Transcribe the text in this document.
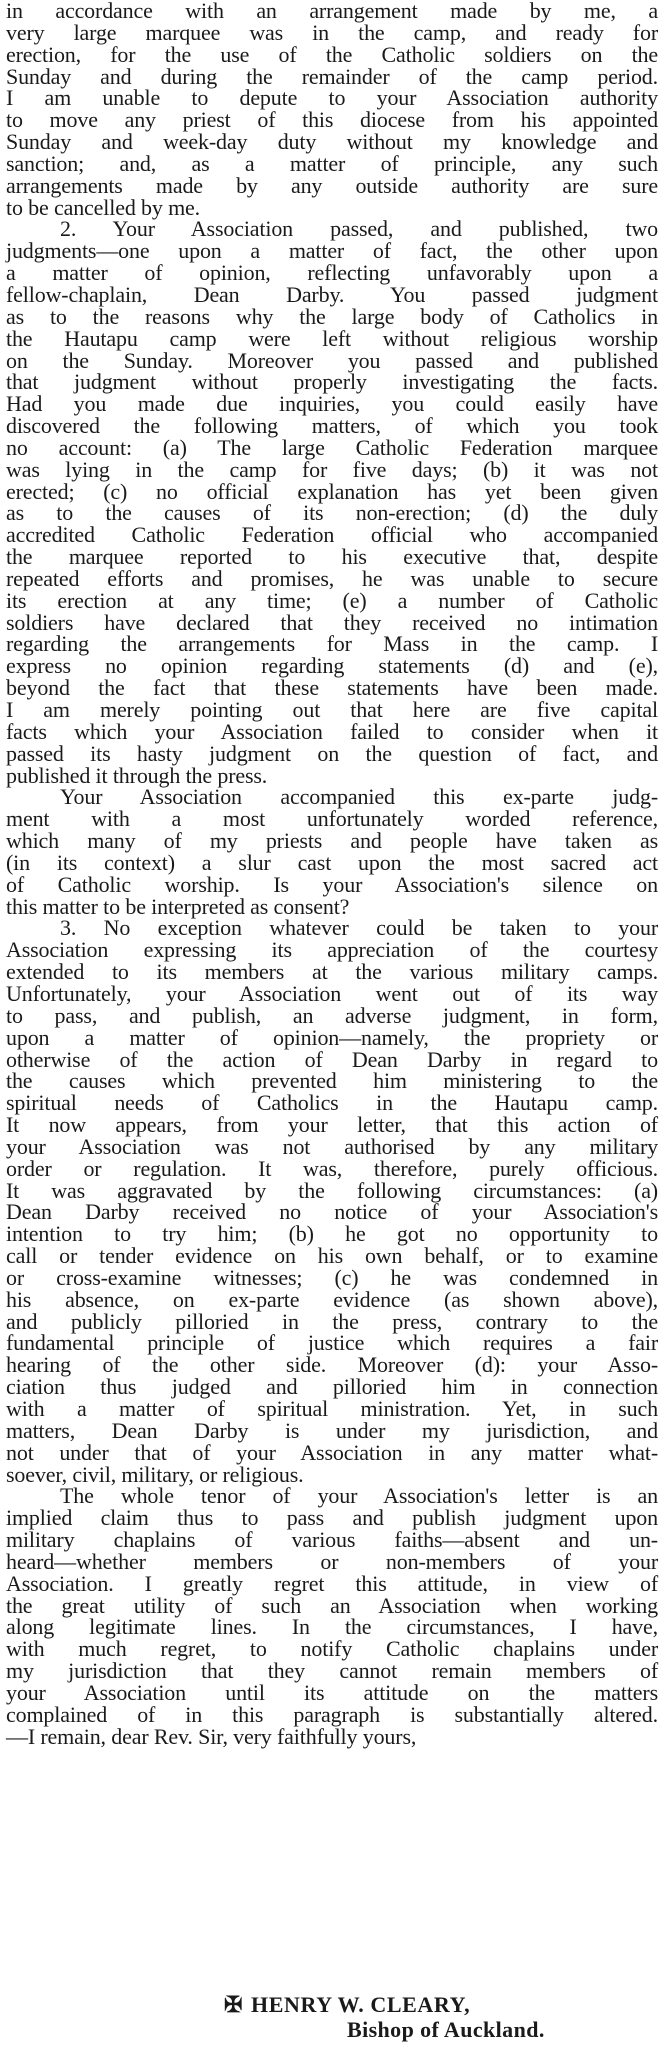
in accordance with an arrangement made by me, a
very large marquee was in the camp, and ready for
erection, for the use of the Catholic soldiers on the
Sunday and during the remainder of the camp period.
I am unable to depute to your Association authority
to move any priest of this diocese from his appointed
Sunday and week-day duty without my knowledge and
sanction; and, as a matter of principle, any such
arrangements made by any outside authority are sure
to be cancelled by me.
2. Your Association passed, and published, two
judgments—one upon a matter of fact, the other upon
a matter of opinion, reflecting unfavorably upon a
fellow-chaplain, Dean Darby. You passed judgment
as to the reasons why the large body of Catholics in
the Hautapu camp were left without religious worship
on the Sunday. Moreover you passed and published
that judgment without properly investigating the facts.
Had you made due inquiries, you could easily have
discovered the following matters, of which you took
no account: (a) The large Catholic Federation marquee
was lying in the camp for five days; (b) it was not
erected; (c) no official explanation has yet been given
as to the causes of its non-erection; (d) the duly
accredited Catholic Federation official who accompanied
the marquee reported to his executive that, despite
repeated efforts and promises, he was unable to secure
its erection at any time; (e) a number of Catholic
soldiers have declared that they received no intimation
regarding the arrangements for Mass in the camp. I
express no opinion regarding statements (d) and (e),
beyond the fact that these statements have been made.
I am merely pointing out that here are five capital
facts which your Association failed to consider when it
passed its hasty judgment on the question of fact, and
published it through the press.
Your Association accompanied this ex-parte judg-
ment with a most unfortunately worded reference,
which many of my priests and people have taken as
(in its context) a slur cast upon the most sacred act
of Catholic worship. Is your Association's silence on
this matter to be interpreted as consent?
3. No exception whatever could be taken to your
Association expressing its appreciation of the courtesy
extended to its members at the various military camps.
Unfortunately, your Association went out of its way
to pass, and publish, an adverse judgment, in form,
upon a matter of opinion—namely, the propriety or
otherwise of the action of Dean Darby in regard to
the causes which prevented him ministering to the
spiritual needs of Catholics in the Hautapu camp.
It now appears, from your letter, that this action of
your Association was not authorised by any military
order or regulation. It was, therefore, purely officious.
It was aggravated by the following circumstances: (a)
Dean Darby received no notice of your Association's
intention to try him; (b) he got no opportunity to
call or tender evidence on his own behalf, or to examine
or cross-examine witnesses; (c) he was condemned in
his absence, on ex-parte evidence (as shown above),
and publicly pilloried in the press, contrary to the
fundamental principle of justice which requires a fair
hearing of the other side. Moreover (d): your Asso-
ciation thus judged and pilloried him in connection
with a matter of spiritual ministration. Yet, in such
matters, Dean Darby is under my jurisdiction, and
not under that of your Association in any matter what-
soever, civil, military, or religious.
The whole tenor of your Association's letter is an
implied claim thus to pass and publish judgment upon
military chaplains of various faiths—absent and un-
heard—whether members or non-members of your
Association. I greatly regret this attitude, in view of
the great utility of such an Association when working
along legitimate lines. In the circumstances, I have,
with much regret, to notify Catholic chaplains under
my jurisdiction that they cannot remain members of
your Association until its attitude on the matters
complained of in this paragraph is substantially altered.
—I remain, dear Rev. Sir, very faithfully yours,
✠ HENRY W. CLEARY,
Bishop of Auckland.
